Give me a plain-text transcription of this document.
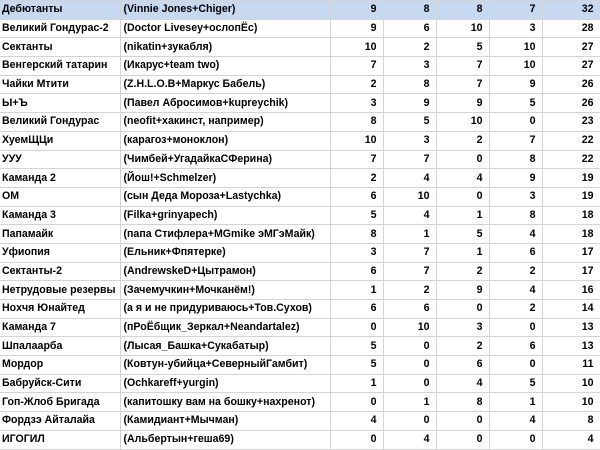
Дебютанты	(Vinnie Jones+Chiger)	9	8	8	7	32
Великий Гондурас-2	(Doctor Livesey+ослопЁс)	9	6	10	3	28
Сектанты	(nikatin+зукабля)	10	2	5	10	27
Венгерский татарин	(Икарус+team two)	7	3	7	10	27
Чайки Мтити	(Z.H.L.O.B+Маркус Бабель)	2	8	7	9	26
Ы+Ъ	(Павел Абросимов+kupreychik)	3	9	9	5	26
Великий Гондурас	(neofit+хакинст, например)	8	5	10	0	23
ХуемЩЦи	(карагоз+моноклон)	10	3	2	7	22
УУУ	(Чимбей+УгадайкаСФерина)	7	7	0	8	22
Каманда 2	(Йош!+Schmelzer)	2	4	4	9	19
ОМ	(сын Деда Мороза+Lastychka)	6	10	0	3	19
Каманда 3	(Filka+grinyapech)	5	4	1	8	18
Папамайк	(папа Стифлера+MGmike эМГэМайк)	8	1	5	4	18
Уфиопия	(Ельник+Фпятерке)	3	7	1	6	17
Сектанты-2	(AndrewskeD+Цытрамон)	6	7	2	2	17
Нетрудовые резервы	(Зачемучкин+Мочканём!)	1	2	9	4	16
Ноxчя Юнайтед	(а я и не придуриваюсь+Тов.Сухов)	6	6	0	2	14
Каманда 7	(пРоЁбщик_Зеркал+Neandartalez)	0	10	3	0	13
Шпалаарба	(Лысая_Башка+Сукабатыр)	5	0	2	6	13
Мордор	(Ковтун-убийца+СеверныйГамбит)	5	0	6	0	11
Бабруйск-Сити	(Ochkareff+yurgin)	1	0	4	5	10
Гоп-Жлоб Бригада	(капитошку вам на бошку+нахренот)	0	1	8	1	10
Фордзэ Айталайа	(Камидиант+Мычман)	4	0	0	4	8
ИГОГИЛ	(Альбертын+геша69)	0	4	0	0	4
